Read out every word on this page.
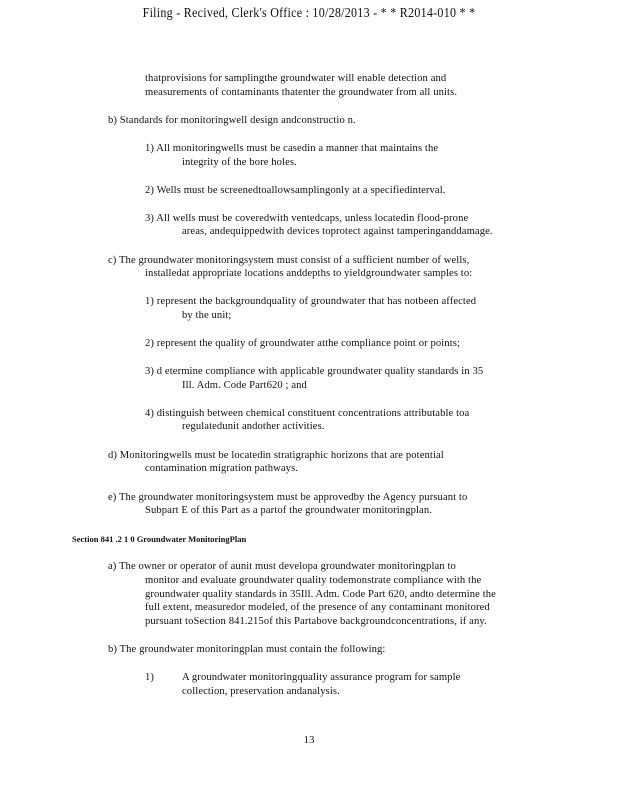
Filing - Recived, Clerk's Office : 10/28/2013 - * * R2014-010 * *
thatprovisions for samplingthe groundwater will enable detection and
measurements of contaminants thatenter the groundwater from all units.
b) Standards for monitoringwell design andconstructio n.
1) All monitoringwells must be casedin a manner that maintains the
integrity of the bore holes.
2) Wells must be screenedtoallowsamplingonly at a specifiedinterval.
3) All wells must be coveredwith ventedcaps, unless locatedin flood-prone
areas, andequippedwith devices toprotect against tamperinganddamage.
c) The groundwater monitoringsystem must consist of a sufficient number of wells,
installedat appropriate locations anddepths to yieldgroundwater samples to:
1) represent the backgroundquality of groundwater that has notbeen affected
by the unit;
2) represent the quality of groundwater atthe compliance point or points;
3) d etermine compliance with applicable groundwater quality standards in 35
Ill. Adm. Code Part620 ; and
4) distinguish between chemical constituent concentrations attributable toa
regulatedunit andother activities.
d) Monitoringwells must be locatedin stratigraphic horizons that are potential
contamination migration pathways.
e) The groundwater monitoringsystem must be approvedby the Agency pursuant to
Subpart E of this Part as a partof the groundwater monitoringplan.
Section 841 .2 1 0 Groundwater MonitoringPlan
a) The owner or operator of aunit must developa groundwater monitoringplan to
monitor and evaluate groundwater quality todemonstrate compliance with the
groundwater quality standards in 35Ill. Adm. Code Part 620, andto determine the
full extent, measuredor modeled, of the presence of any contaminant monitored
pursuant toSection 841.215of this Partabove backgroundconcentrations, if any.
b) The groundwater monitoringplan must contain the following:
1)	A groundwater monitoringquality assurance program for sample
collection, preservation andanalysis.
13
